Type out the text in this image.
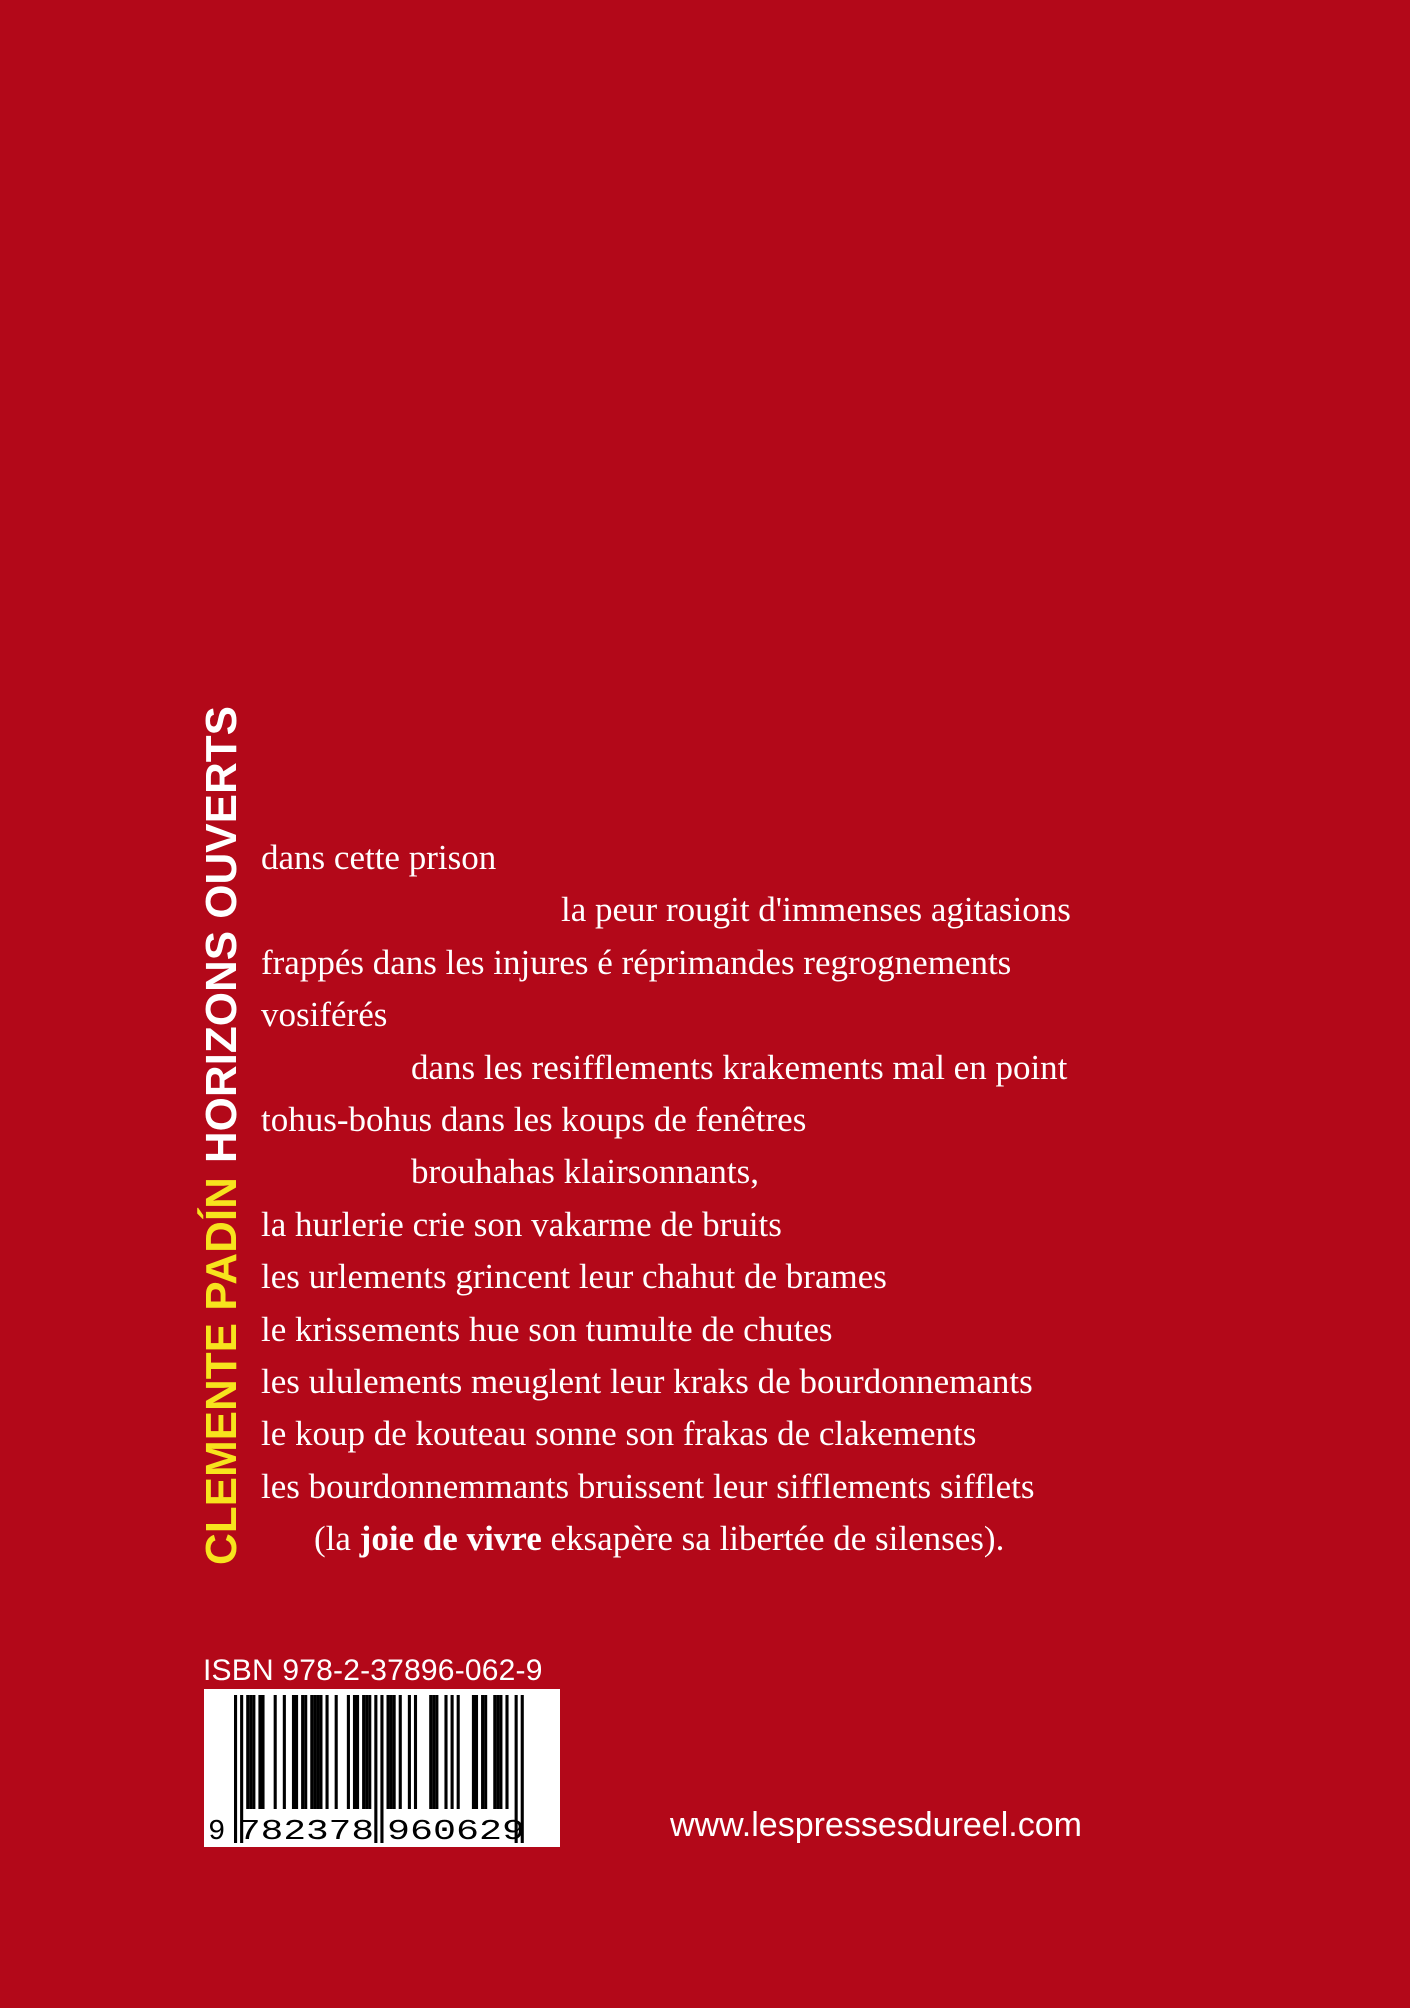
CLEMENTE PADÍNHORIZONS OUVERTS dans cette prison
la peur rougit d'immenses agitasions
frappés dans les injures é réprimandes regrognements
vosiférés
dans les resifflements krakements mal en point
tohus-bohus dans les koups de fenêtres
brouhahas klairsonnants,
la hurlerie crie son vakarme de bruits
les urlements grincent leur chahut de brames
le krissements hue son tumulte de chutes
les ululements meuglent leur kraks de bourdonnemants
le koup de kouteau sonne son frakas de clakements
les bourdonnemmants bruissent leur sifflements sifflets
(la joie de vivre eksapère sa libertée de silenses).
ISBN 978-2-37896-062-9
9 782378 960629	www.lespressesdureel.com
